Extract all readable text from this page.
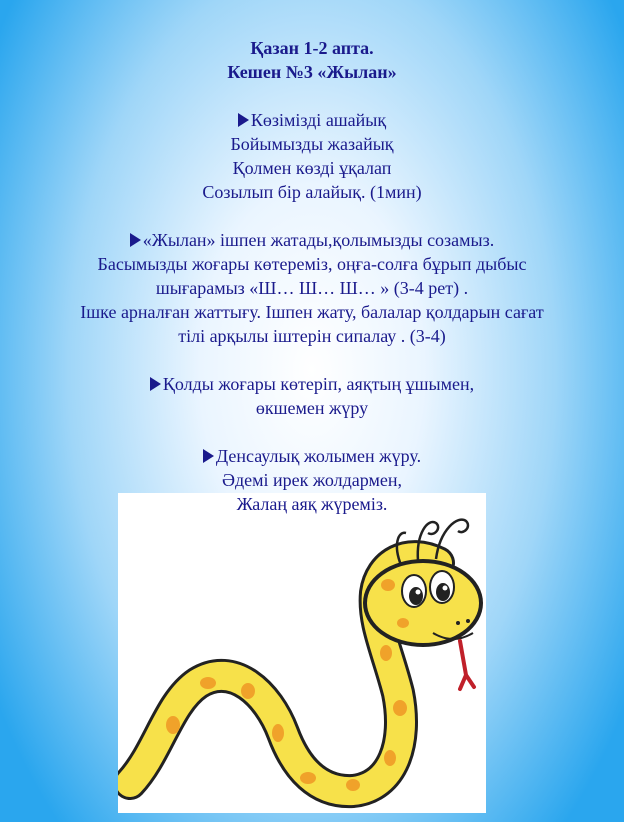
Қазан 1-2 апта.
Кешен №3 «Жылан»
Көзімізді ашайық
Бойымызды жазайық
Қолмен көзді ұқалап
Созылып бір алайық. (1мин)
«Жылан» ішпен жатады,қолымызды созамыз.
Басымызды жоғары көтереміз, оңға-солға бұрып дыбыс
шығарамыз «Ш… Ш… Ш… » (3-4 рет) .
Ішке арналған жаттығу. Ішпен жату, балалар қолдарын сағат
тілі арқылы іштерін сипалау . (3-4)
Қолды жоғары көтеріп, аяқтың ұшымен,
өкшемен жүру
Денсаулық жолымен жүру.
Әдемі ирек жолдармен,
Жалаң аяқ жүреміз.
